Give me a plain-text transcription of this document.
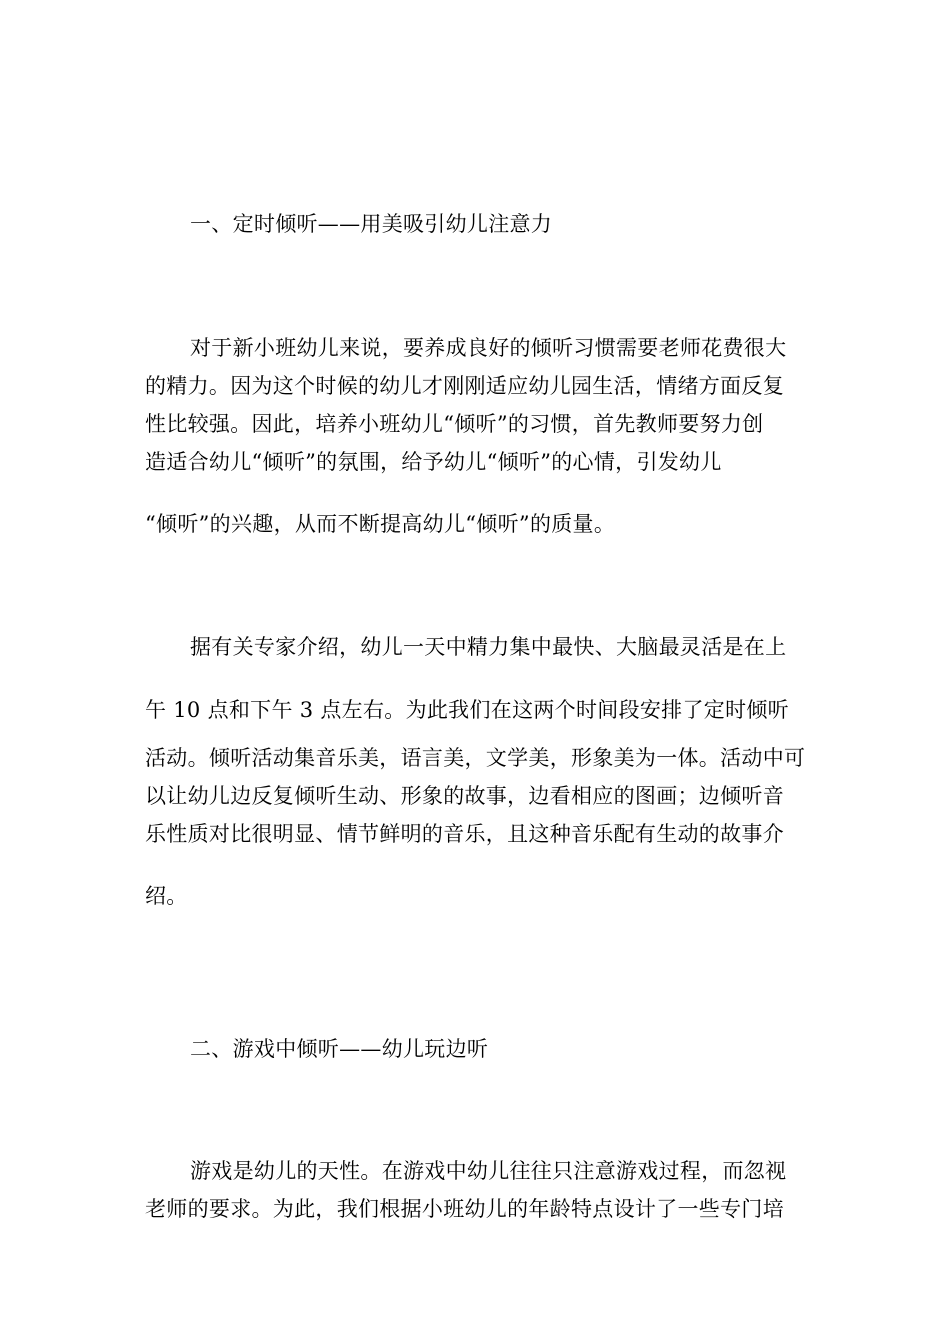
一、定时倾听——用美吸引幼儿注意力
对于新小班幼儿来说，要养成良好的倾听习惯需要老师花费很大
的精力。因为这个时候的幼儿才刚刚适应幼儿园生活，情绪方面反复
性比较强。因此，培养小班幼儿“倾听”的习惯，首先教师要努力创
造适合幼儿“倾听”的氛围，给予幼儿“倾听”的心情，引发幼儿
“倾听”的兴趣，从而不断提高幼儿“倾听”的质量。
据有关专家介绍，幼儿一天中精力集中最快、大脑最灵活是在上
午 10 点和下午 3 点左右。为此我们在这两个时间段安排了定时倾听
活动。倾听活动集音乐美，语言美，文学美，形象美为一体。活动中可
以让幼儿边反复倾听生动、形象的故事，边看相应的图画；边倾听音
乐性质对比很明显、情节鲜明的音乐，且这种音乐配有生动的故事介
绍。
二、游戏中倾听——幼儿玩边听
游戏是幼儿的天性。在游戏中幼儿往往只注意游戏过程，而忽视
老师的要求。为此，我们根据小班幼儿的年龄特点设计了一些专门培
